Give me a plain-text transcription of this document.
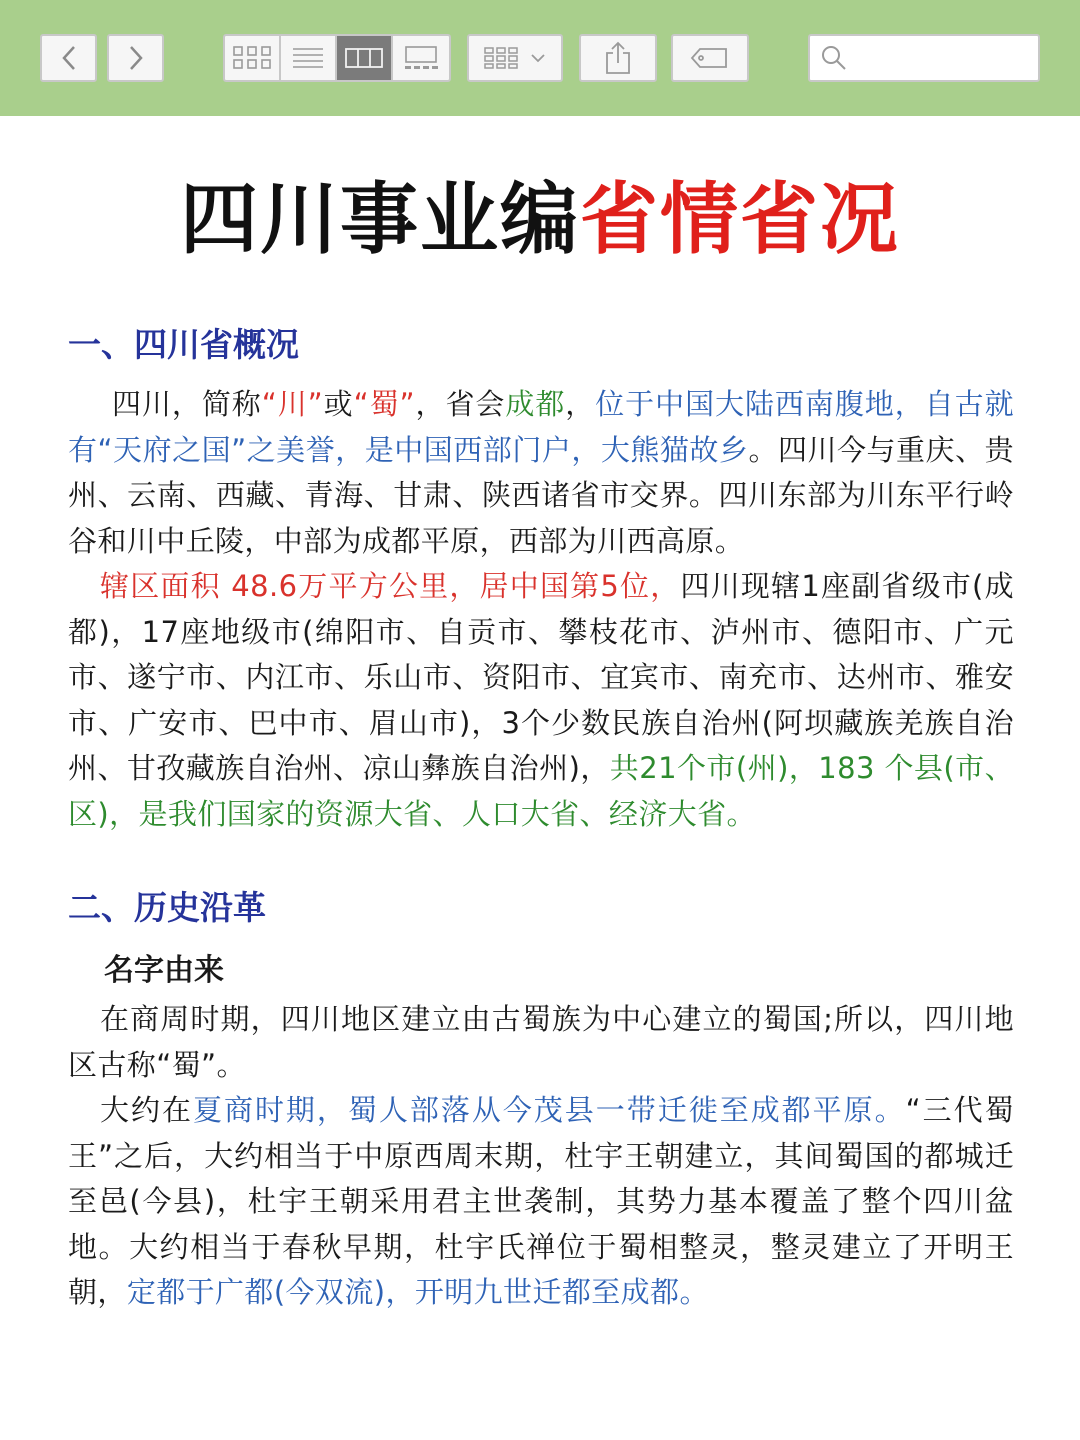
四川事业编省情省况
一、四川省概况

四川，简称“川”或“蜀”，省会成都，位于中国大陆西南腹地，自古就有“天府之国”之美誉，是中国西部门户，大熊猫故乡。四川今与重庆、贵州、云南、西藏、青海、甘肃、陕西诸省市交界。四川东部为川东平行岭谷和川中丘陵，中部为成都平原，西部为川西高原。

辖区面积 48.6万平方公里，居中国第5位，四川现辖1座副省级市(成都)，17座地级市(绵阳市、自贡市、攀枝花市、泸州市、德阳市、广元市、遂宁市、内江市、乐山市、资阳市、宜宾市、南充市、达州市、雅安市、广安市、巴中市、眉山市)，3个少数民族自治州(阿坝藏族羌族自治州、甘孜藏族自治州、凉山彝族自治州)，共21个市(州)，183 个县(市、区)，是我们国家的资源大省、人口大省、经济大省。

二、历史沿革
名字由来

在商周时期，四川地区建立由古蜀族为中心建立的蜀国;所以，四川地区古称“蜀”。

大约在夏商时期，蜀人部落从今茂县一带迁徙至成都平原。“三代蜀王”之后，大约相当于中原西周末期，杜宇王朝建立，其间蜀国的都城迁至邑(今县)，杜宇王朝采用君主世袭制，其势力基本覆盖了整个四川盆地。大约相当于春秋早期，杜宇氏禅位于蜀相整灵，整灵建立了开明王朝，定都于广都(今双流)，开明九世迁都至成都。
